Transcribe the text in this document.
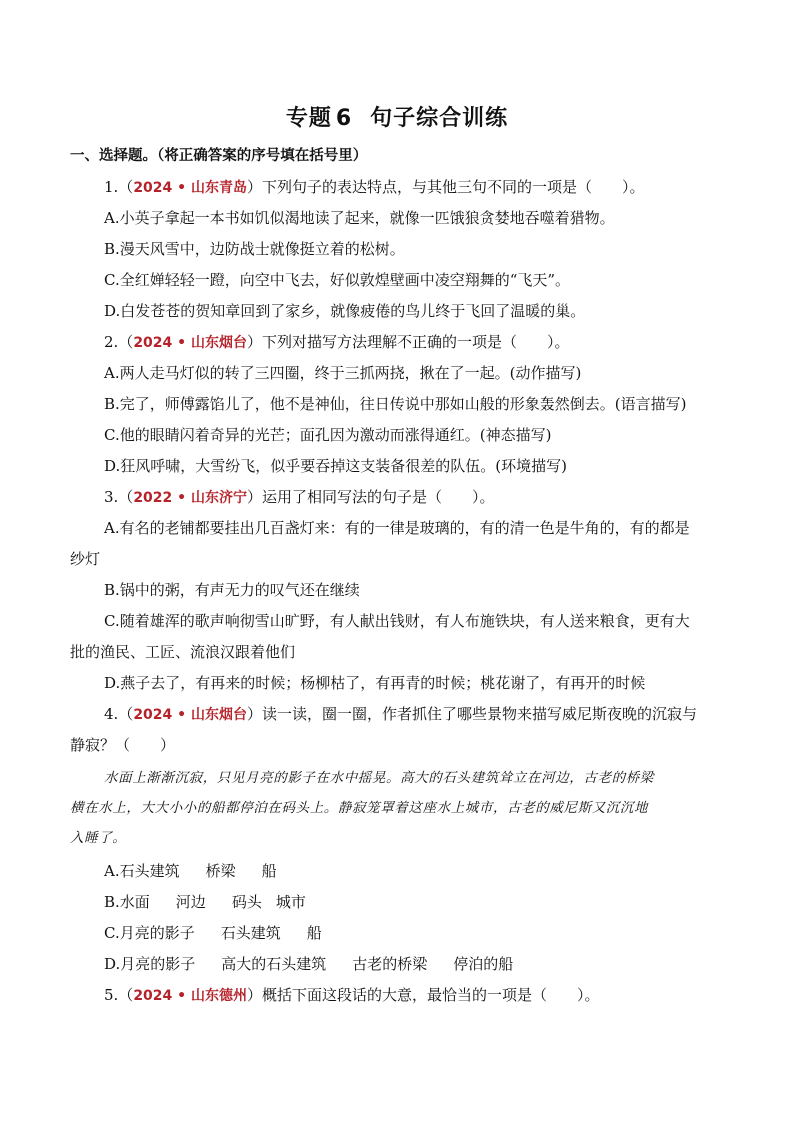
专题 6 句子综合训练
一、选择题。（将正确答案的序号填在括号里）
1.（2024 • 山东青岛）下列句子的表达特点，与其他三句不同的一项是（　　）。
A.小英子拿起一本书如饥似渴地读了起来，就像一匹饿狼贪婪地吞噬着猎物。
B.漫天风雪中，边防战士就像挺立着的松树。
C.全红婵轻轻一蹬，向空中飞去，好似敦煌壁画中凌空翔舞的“飞天”。
D.白发苍苍的贺知章回到了家乡，就像疲倦的鸟儿终于飞回了温暖的巢。
2.（2024 • 山东烟台）下列对描写方法理解不正确的一项是（　　）。
A.两人走马灯似的转了三四圈，终于三抓两挠，揪在了一起。(动作描写)
B.完了，师傅露馅儿了，他不是神仙，往日传说中那如山般的形象轰然倒去。(语言描写)
C.他的眼睛闪着奇异的光芒；面孔因为激动而涨得通红。(神态描写)
D.狂风呼啸，大雪纷飞，似乎要吞掉这支装备很差的队伍。(环境描写)
3.（2022 • 山东济宁）运用了相同写法的句子是（　　）。
A.有名的老铺都要挂出几百盏灯来：有的一律是玻璃的，有的清一色是牛角的，有的都是
纱灯
B.锅中的粥，有声无力的叹气还在继续
C.随着雄浑的歌声响彻雪山旷野，有人献出钱财，有人布施铁块，有人送来粮食，更有大
批的渔民、工匠、流浪汉跟着他们
D.燕子去了，有再来的时候；杨柳枯了，有再青的时候；桃花谢了，有再开的时候
4.（2024 • 山东烟台）读一读，圈一圈，作者抓住了哪些景物来描写威尼斯夜晚的沉寂与
静寂？（　　）
水面上渐渐沉寂，只见月亮的影子在水中摇晃。高大的石头建筑耸立在河边，古老的桥梁
横在水上，大大小小的船都停泊在码头上。静寂笼罩着这座水上城市，古老的威尼斯又沉沉地
入睡了。
A.石头建筑 桥梁 船
B.水面 河边 码头 城市
C.月亮的影子 石头建筑 船
D.月亮的影子 高大的石头建筑 古老的桥梁 停泊的船
5.（2024 • 山东德州）概括下面这段话的大意，最恰当的一项是（　　）。
